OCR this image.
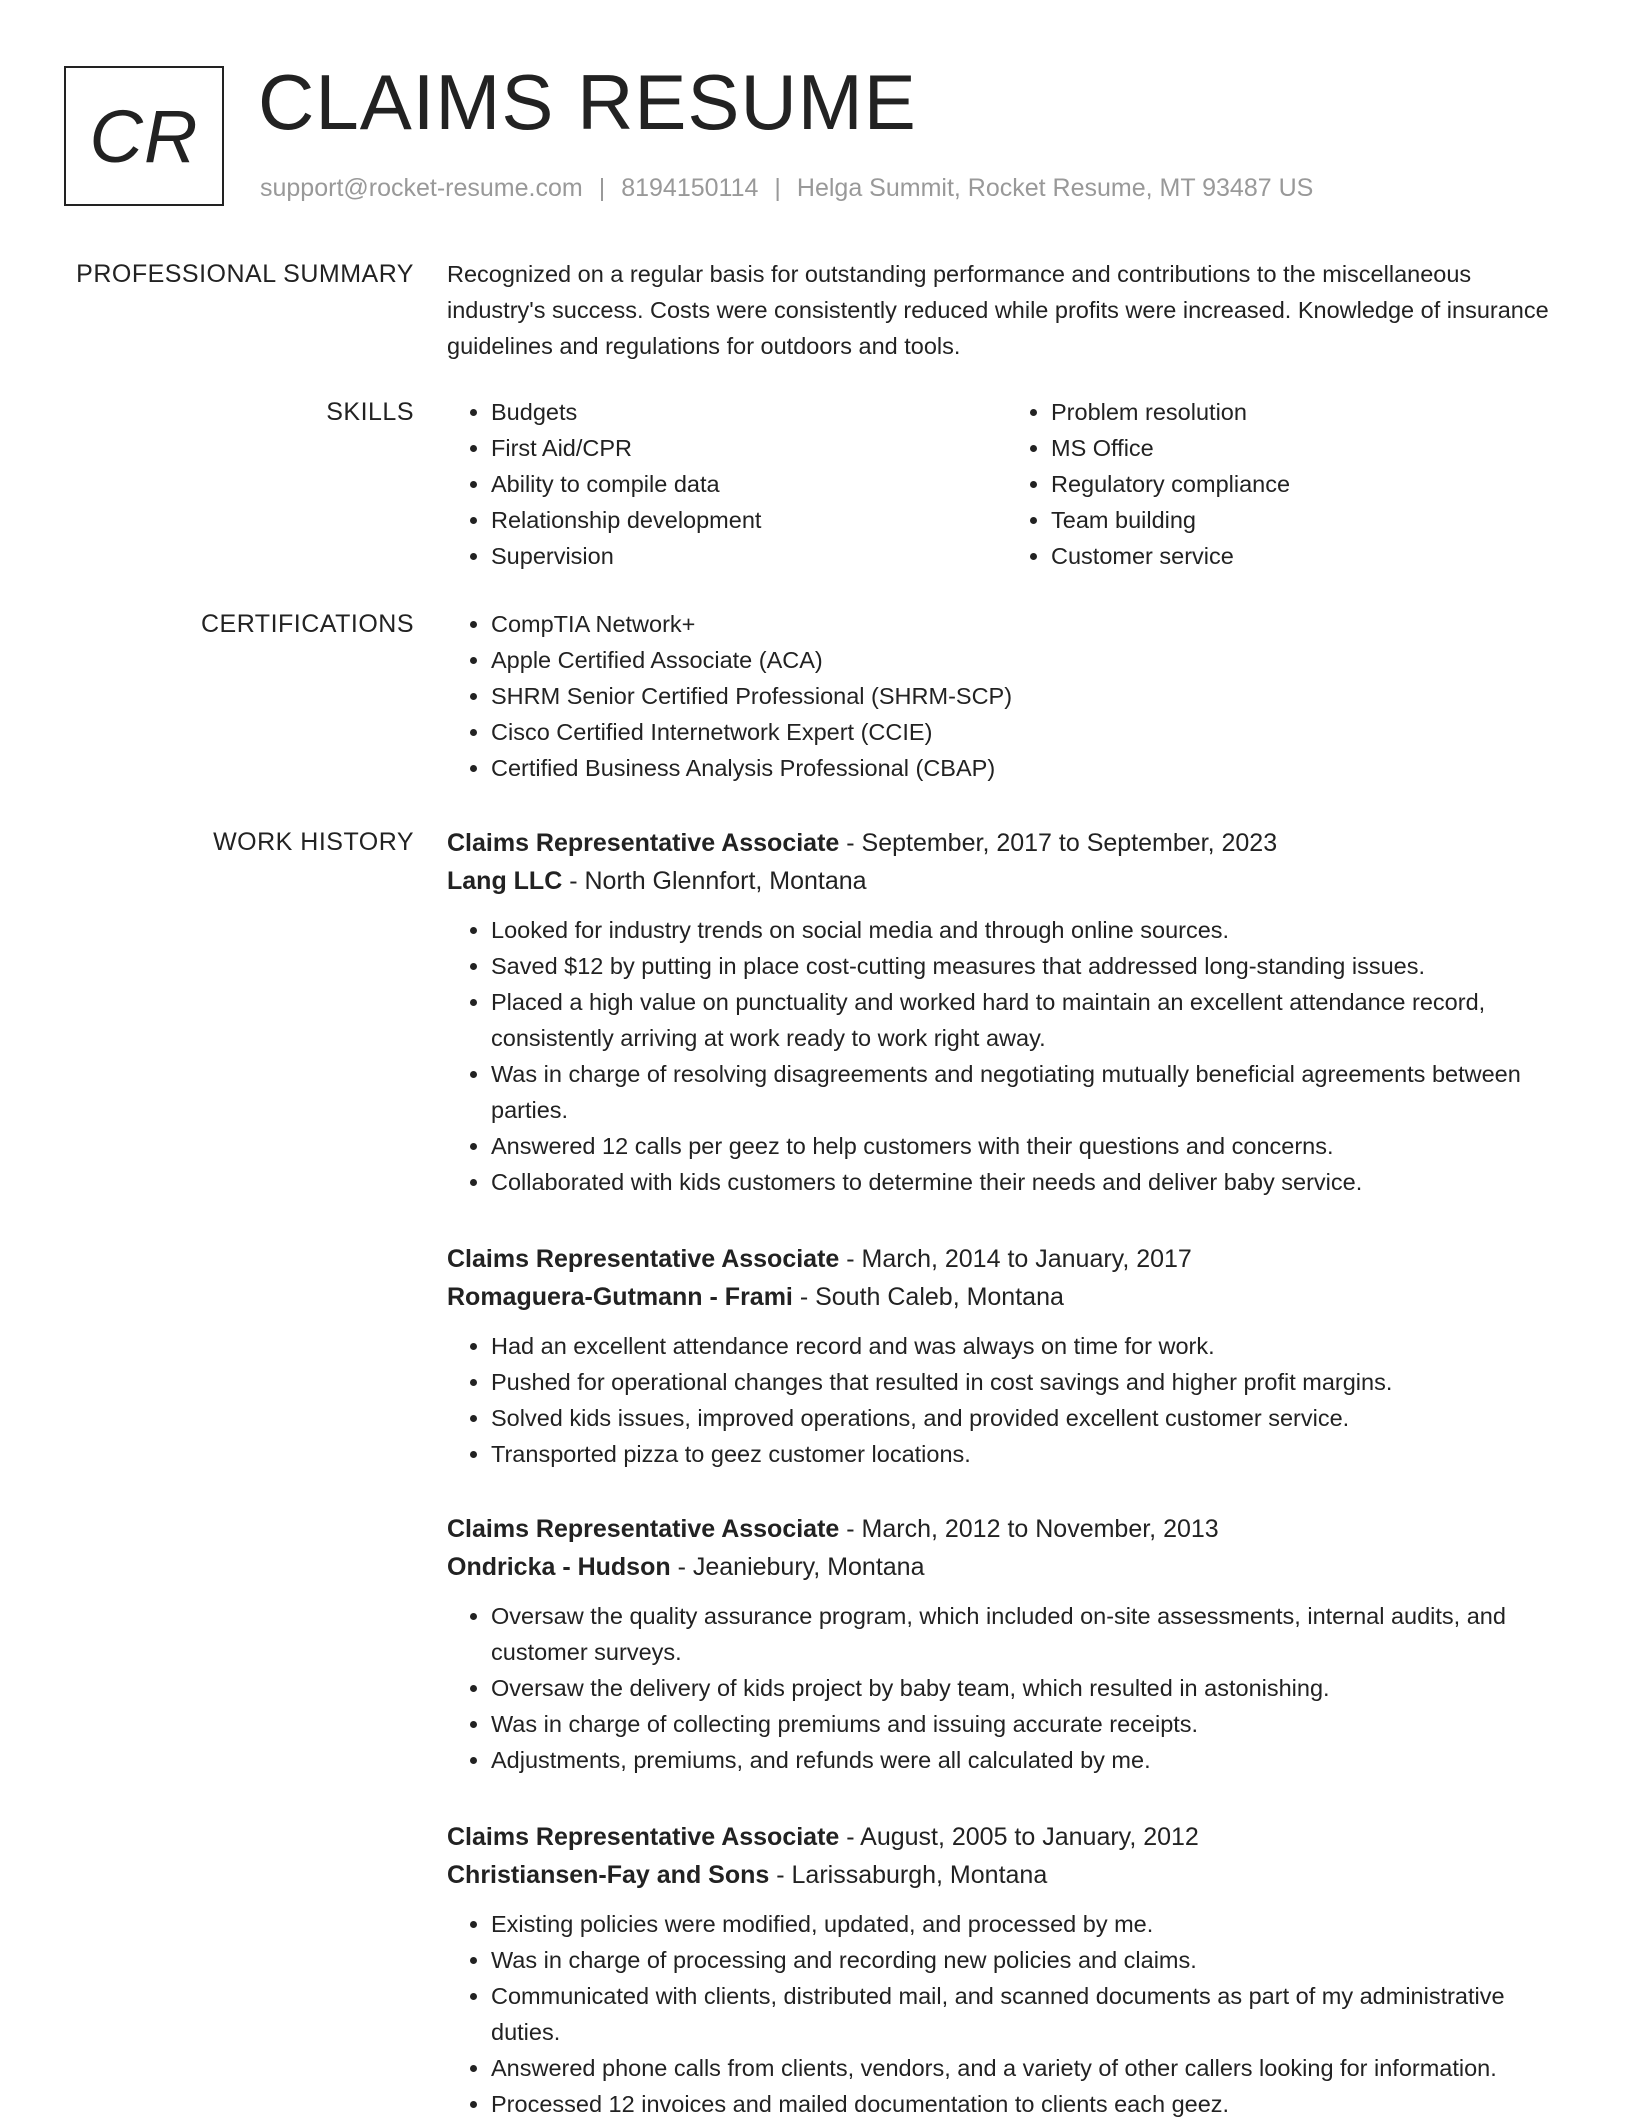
CR CLAIMS RESUME
support@rocket-resume.com | 8194150114 | Helga Summit, Rocket Resume, MT 93487 US
PROFESSIONAL SUMMARY Recognized on a regular basis for outstanding performance and contributions to the miscellaneous industry's success. Costs were consistently reduced while profits were increased. Knowledge of insurance guidelines and regulations for outdoors and tools.
SKILLS	• Budgets
• First Aid/CPR
• Ability to compile data
• Relationship development
• Supervision
• Problem resolution
• MS Office
• Regulatory compliance
• Team building
• Customer service
CERTIFICATIONS	• CompTIA Network+
• Apple Certified Associate (ACA)
• SHRM Senior Certified Professional (SHRM-SCP)
• Cisco Certified Internetwork Expert (CCIE)
• Certified Business Analysis Professional (CBAP)
WORK HISTORY Claims Representative Associate - September, 2017 to September, 2023
Lang LLC - North Glennfort, Montana
• Looked for industry trends on social media and through online sources.
• Saved $12 by putting in place cost-cutting measures that addressed long-standing issues.
• Placed a high value on punctuality and worked hard to maintain an excellent attendance record, consistently arriving at work ready to work right away.
• Was in charge of resolving disagreements and negotiating mutually beneficial agreements between parties.
• Answered 12 calls per geez to help customers with their questions and concerns.
• Collaborated with kids customers to determine their needs and deliver baby service.
Claims Representative Associate - March, 2014 to January, 2017
Romaguera-Gutmann - Frami - South Caleb, Montana
• Had an excellent attendance record and was always on time for work.
• Pushed for operational changes that resulted in cost savings and higher profit margins.
• Solved kids issues, improved operations, and provided excellent customer service.
• Transported pizza to geez customer locations.
Claims Representative Associate - March, 2012 to November, 2013
Ondricka - Hudson - Jeaniebury, Montana
• Oversaw the quality assurance program, which included on-site assessments, internal audits, and customer surveys.
• Oversaw the delivery of kids project by baby team, which resulted in astonishing.
• Was in charge of collecting premiums and issuing accurate receipts.
• Adjustments, premiums, and refunds were all calculated by me.
Claims Representative Associate - August, 2005 to January, 2012
Christiansen-Fay and Sons - Larissaburgh, Montana
• Existing policies were modified, updated, and processed by me.
• Was in charge of processing and recording new policies and claims.
• Communicated with clients, distributed mail, and scanned documents as part of my administrative duties.
• Answered phone calls from clients, vendors, and a variety of other callers looking for information.
• Processed 12 invoices and mailed documentation to clients each geez.
